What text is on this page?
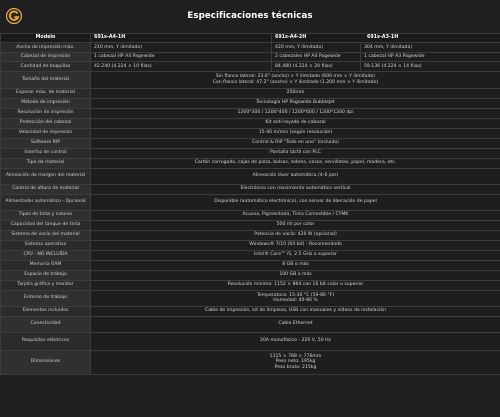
Especificaciones técnicas
Modelo	691s-A4-1H	691s-A4-2H 691s-A3-1H	
Ancho de impresión máx.	210 mm, Y ilimitado)	420 mm, Y ilimitado)	304 mm, Y ilimitado)
Cabezal de impresión	1 cabezal HP A4 Pagewide	2 cabezales HP A4 Pagewide	1 cabezal HP A3 Pagewide
Cantidad de boquillas	42.240 (4.224 × 10 filas)	84.480 (4.224 × 20 filas)	59.136 (4.224 × 14 filas)
Tamaño del material	Sin flanco lateral: 23.6" (ancho) × Y ilimitado (600 mm × Y ilimitado)
Con flanco lateral: 47.2" (ancho) × Y ilimitado (1.200 mm × Y ilimitado)		

Espesor máx. de material	250mm		
Método de impresión	Tecnología HP Pagewide BubbleJet		
Resolución de impresión	1200*300 / 1200*400 / 1200*600 / 1200*1200 dpi		
Protección del cabezal	Kit anti-rayado de cabezal		
Velocidad de impresión	15-40 m/min (según resolución)		
Software RIP	Control & RIP "Todo en uno" (incluido)		
Interfaz de control	Pantalla táctil con PLC		
Tipo de material	Cartón corrugado, cajas de pizza, bolsas, sobres, vasos, servilletas, papel, madera, etc.		
Alineación de margen del material	Alineación láser automática (4-6 pzs)		
Control de altura de material	Electrónico con movimiento automático vertical		
Alimentador automático - Opcional	Disponible (automático electrónico), con sensor de liberación de papel		
Tipos de tinta y colores	Acuosa, Pigmentada, Tinta Comestible / CYMK		
Capacidad del tanque de tinta	500 ml por color		
Sistema de vacío del material	Potencia de vacío: 420 W (opcional)		
Sistema operativo	Windows® 7/10 (64 bit) - Recomendado		
CPU - NO INCLUÍDA	Intel® Core™ i5, 2.5 GHz o superior		
Memoria RAM	8 GB o más		
Espacio de trabajo	100 GB o más		
Tarjeta gráfica y monitor	Resolución mínima: 1152 × 864 con 16 bit color o superior		
Entorno de trabajo	Temperatura: 15-30 °C (59-86 °F)
Humedad: 40-80 %		

Elementos incluidos	Cable de impresión, kit de limpieza, USB con manuales y videos de instalación		
Conectividad	Cable Ethernet		
Requisitos eléctricos	20A monofásico - 220 V, 50 Hz		
Dimensiones	1315 × 788 × 776mm
Peso neto: 195kg
Peso bruto: 215kg		
